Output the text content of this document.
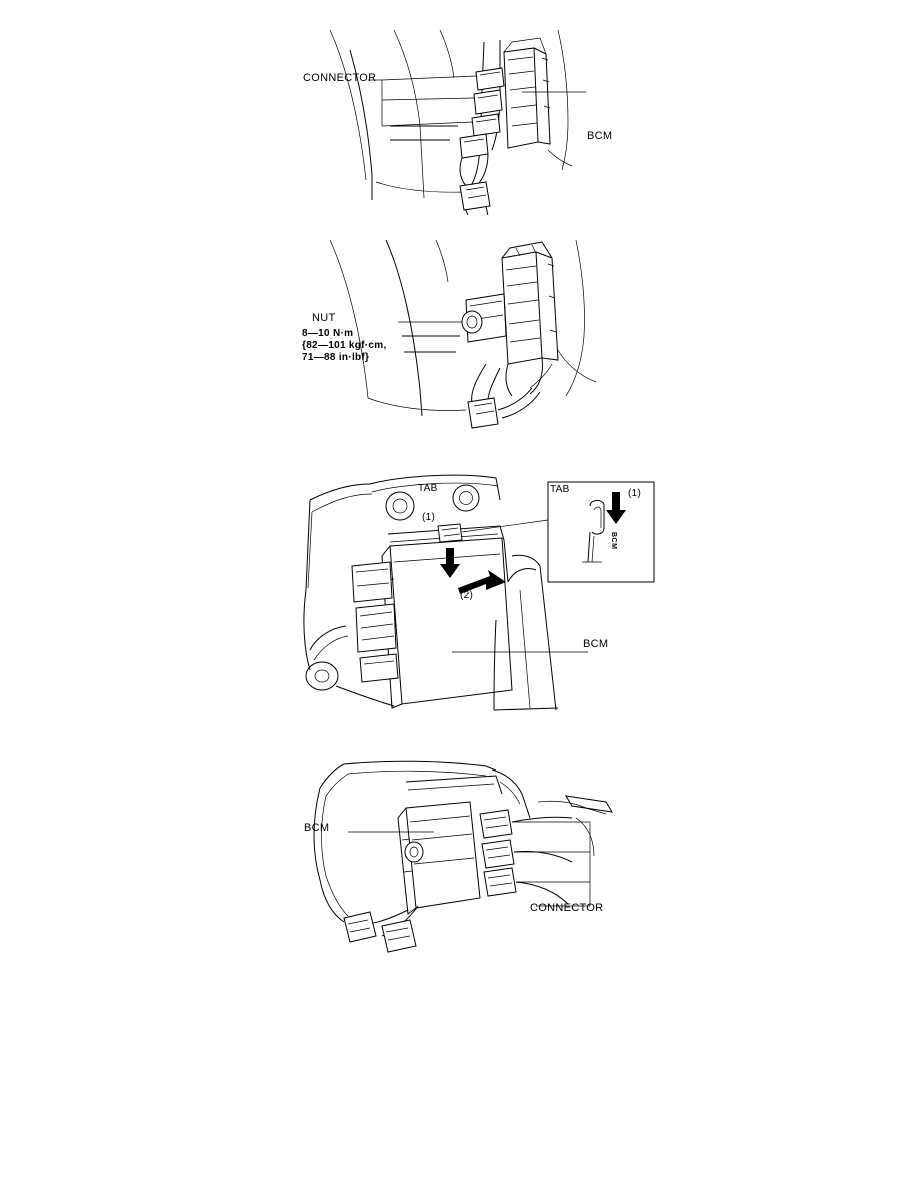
CONNECTOR
BCM
NUT
8—10 N·m
{82—101 kgf·cm,
71—88 in·lbf}
TAB
(1)
(2)
TAB	(1)
BCM
BCM
BCM
CONNECTOR
